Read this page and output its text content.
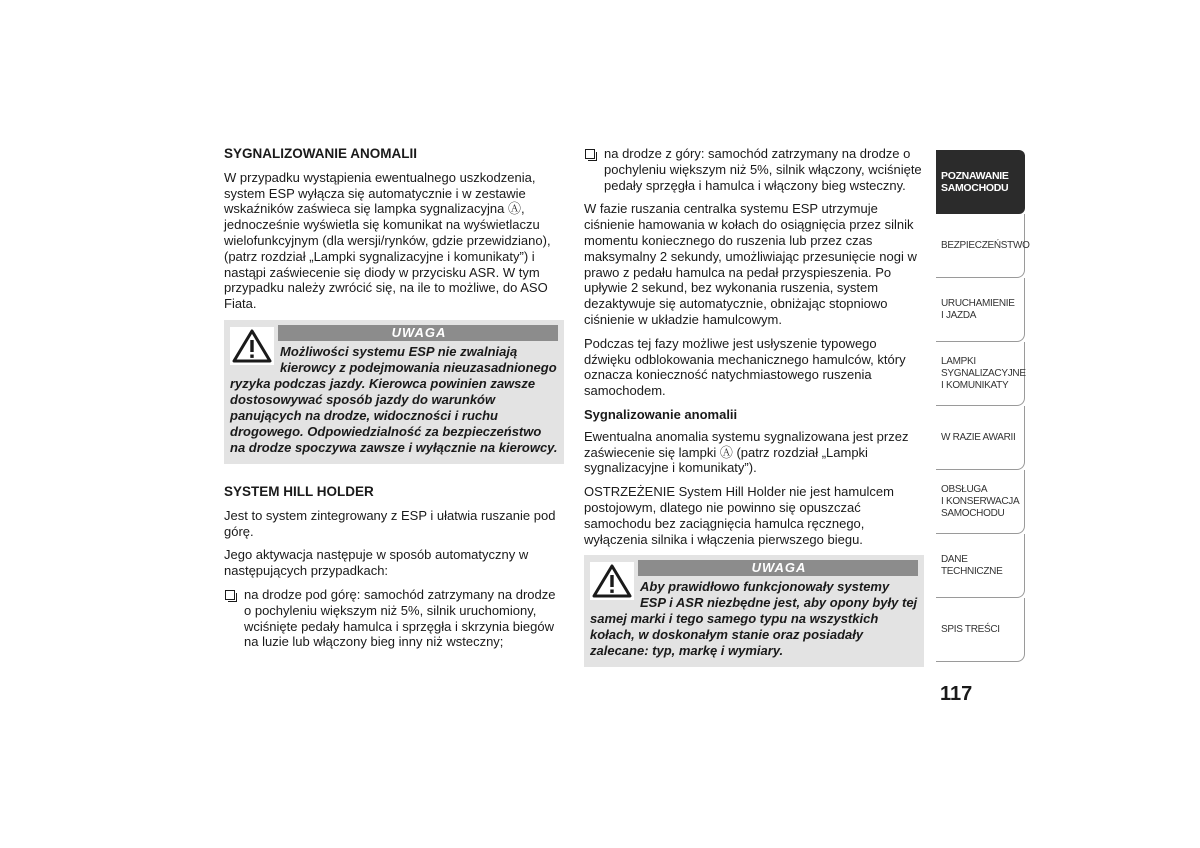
SYGNALIZOWANIE ANOMALII

W przypadku wystąpienia ewentualnego uszkodzenia, system ESP wyłącza się automatycznie i w zestawie wskaźników zaświeca się lampka sygnalizacyjna Ⓐ, jednocześnie wyświetla się komunikat na wyświetlaczu wielofunkcyjnym (dla wersji/rynków, gdzie przewidziano), (patrz rozdział „Lampki sygnalizacyjne i komunikaty”) i nastąpi zaświecenie się diody w przycisku ASR. W tym przypadku należy zwrócić się, na ile to możliwe, do ASO Fiata.

UWAGA
Możliwości systemu ESP nie zwalniają kierowcy z podejmowania nieuzasadnionego ryzyka podczas jazdy. Kierowca powinien zawsze dostosowywać sposób jazdy do warunków panujących na drodze, widoczności i ruchu drogowego. Odpowiedzialność za bezpieczeństwo na drodze spoczywa zawsze i wyłącznie na kierowcy.
SYSTEM HILL HOLDER

Jest to system zintegrowany z ESP i ułatwia ruszanie pod górę.

Jego aktywacja następuje w sposób automatyczny w następujących przypadkach:

na drodze pod górę: samochód zatrzymany na drodze o pochyleniu większym niż 5%, silnik uruchomiony, wciśnięte pedały hamulca i sprzęgła i skrzynia biegów na luzie lub włączony bieg inny niż wsteczny;
na drodze z góry: samochód zatrzymany na drodze o pochyleniu większym niż 5%, silnik włączony, wciśnięte pedały sprzęgła i hamulca i włączony bieg wsteczny.

W fazie ruszania centralka systemu ESP utrzymuje ciśnienie hamowania w kołach do osiągnięcia przez silnik momentu koniecznego do ruszenia lub przez czas maksymalny 2 sekundy, umożliwiając przesunięcie nogi w prawo z pedału hamulca na pedał przyspieszenia. Po upływie 2 sekund, bez wykonania ruszenia, system dezaktywuje się automatycznie, obniżając stopniowo ciśnienie w układzie hamulcowym.

Podczas tej fazy możliwe jest usłyszenie typowego dźwięku odblokowania mechanicznego hamulców, który oznacza konieczność natychmiastowego ruszenia samochodem.

Sygnalizowanie anomalii

Ewentualna anomalia systemu sygnalizowana jest przez zaświecenie się lampki Ⓐ (patrz rozdział „Lampki sygnalizacyjne i komunikaty”).

OSTRZEŻENIE System Hill Holder nie jest hamulcem postojowym, dlatego nie powinno się opuszczać samochodu bez zaciągnięcia hamulca ręcznego, wyłączenia silnika i włączenia pierwszego biegu.

UWAGA
Aby prawidłowo funkcjonowały systemy ESP i ASR niezbędne jest, aby opony były tej samej marki i tego samego typu na wszystkich kołach, w doskonałym stanie oraz posiadały zalecane: typ, markę i wymiary.
POZNAWANIE
SAMOCHODU
BEZPIECZEŃSTWO
URUCHAMIENIE
I JAZDA
LAMPKI
SYGNALIZACYJNE
I KOMUNIKATY
W RAZIE AWARII
OBSŁUGA
I KONSERWACJA
SAMOCHODU
DANE TECHNICZNE
SPIS TREŚCI
117
